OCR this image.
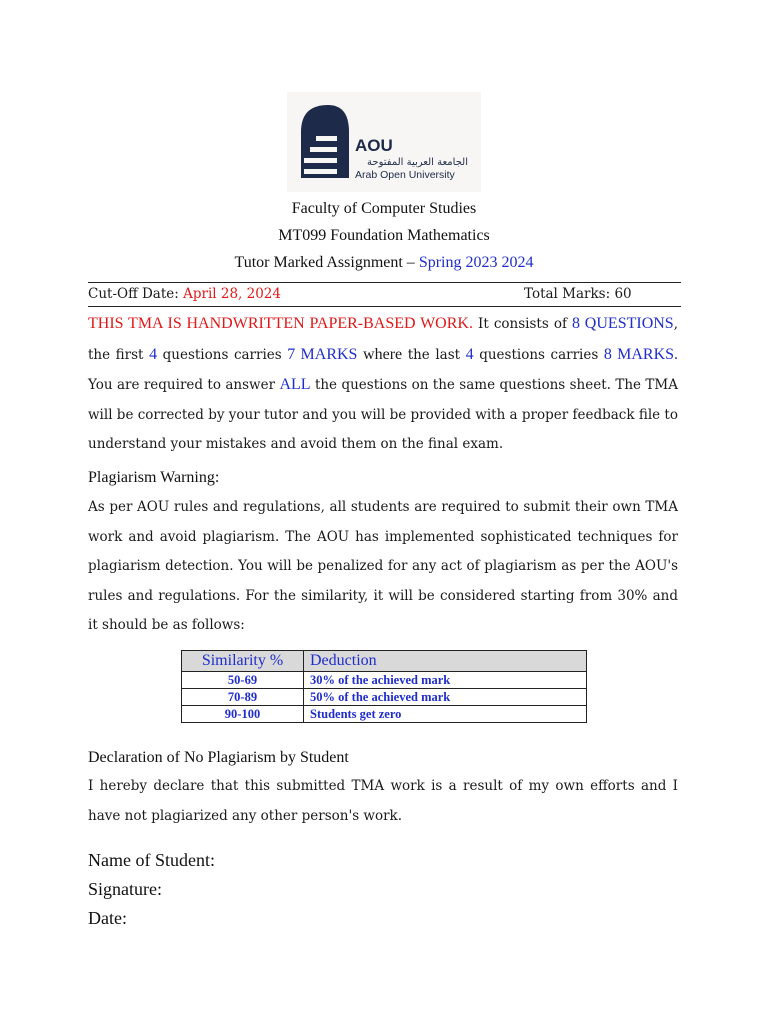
AOU
الجامعة العربية المفتوحة
Arab Open University
Faculty of Computer Studies
MT099 Foundation Mathematics
Tutor Marked Assignment – Spring 2023 2024
Cut-Off Date: April 28, 2024	Total Marks: 60
THIS TMA IS HANDWRITTEN PAPER-BASED WORK. It consists of 8 QUESTIONS, the first 4 questions carries 7 MARKS where the last 4 questions carries 8 MARKS. You are required to answer ALL the questions on the same questions sheet. The TMA will be corrected by your tutor and you will be provided with a proper feedback file to understand your mistakes and avoid them on the final exam.
Plagiarism Warning:
As per AOU rules and regulations, all students are required to submit their own TMA work and avoid plagiarism. The AOU has implemented sophisticated techniques for plagiarism detection. You will be penalized for any act of plagiarism as per the AOU's rules and regulations. For the similarity, it will be considered starting from 30% and it should be as follows:
Similarity %	Deduction
50-69	30% of the achieved mark
70-89	50% of the achieved mark
90-100	Students get zero
Declaration of No Plagiarism by Student
I hereby declare that this submitted TMA work is a result of my own efforts and I have not plagiarized any other person's work.
Name of Student:
Signature:
Date:
